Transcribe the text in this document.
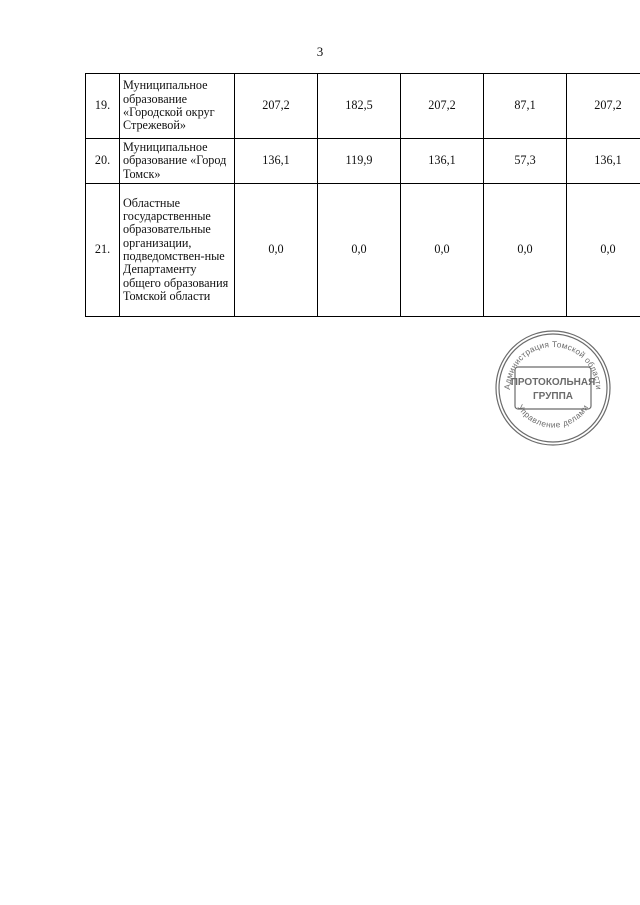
3
19.	Муниципальное образование «Городской округ Стрежевой»	207,2	182,5	207,2	87,1	207,2
20.	Муниципальное образование «Город Томск»	136,1	119,9	136,1	57,3	136,1
21.	Областные государственные образовательные организации, подведомствен-ные Департаменту общего образования Томской области	0,0	0,0	0,0	0,0	0,0
Администрация Томской области
Управление делами
ПРОТОКОЛЬНАЯ
ГРУППА
